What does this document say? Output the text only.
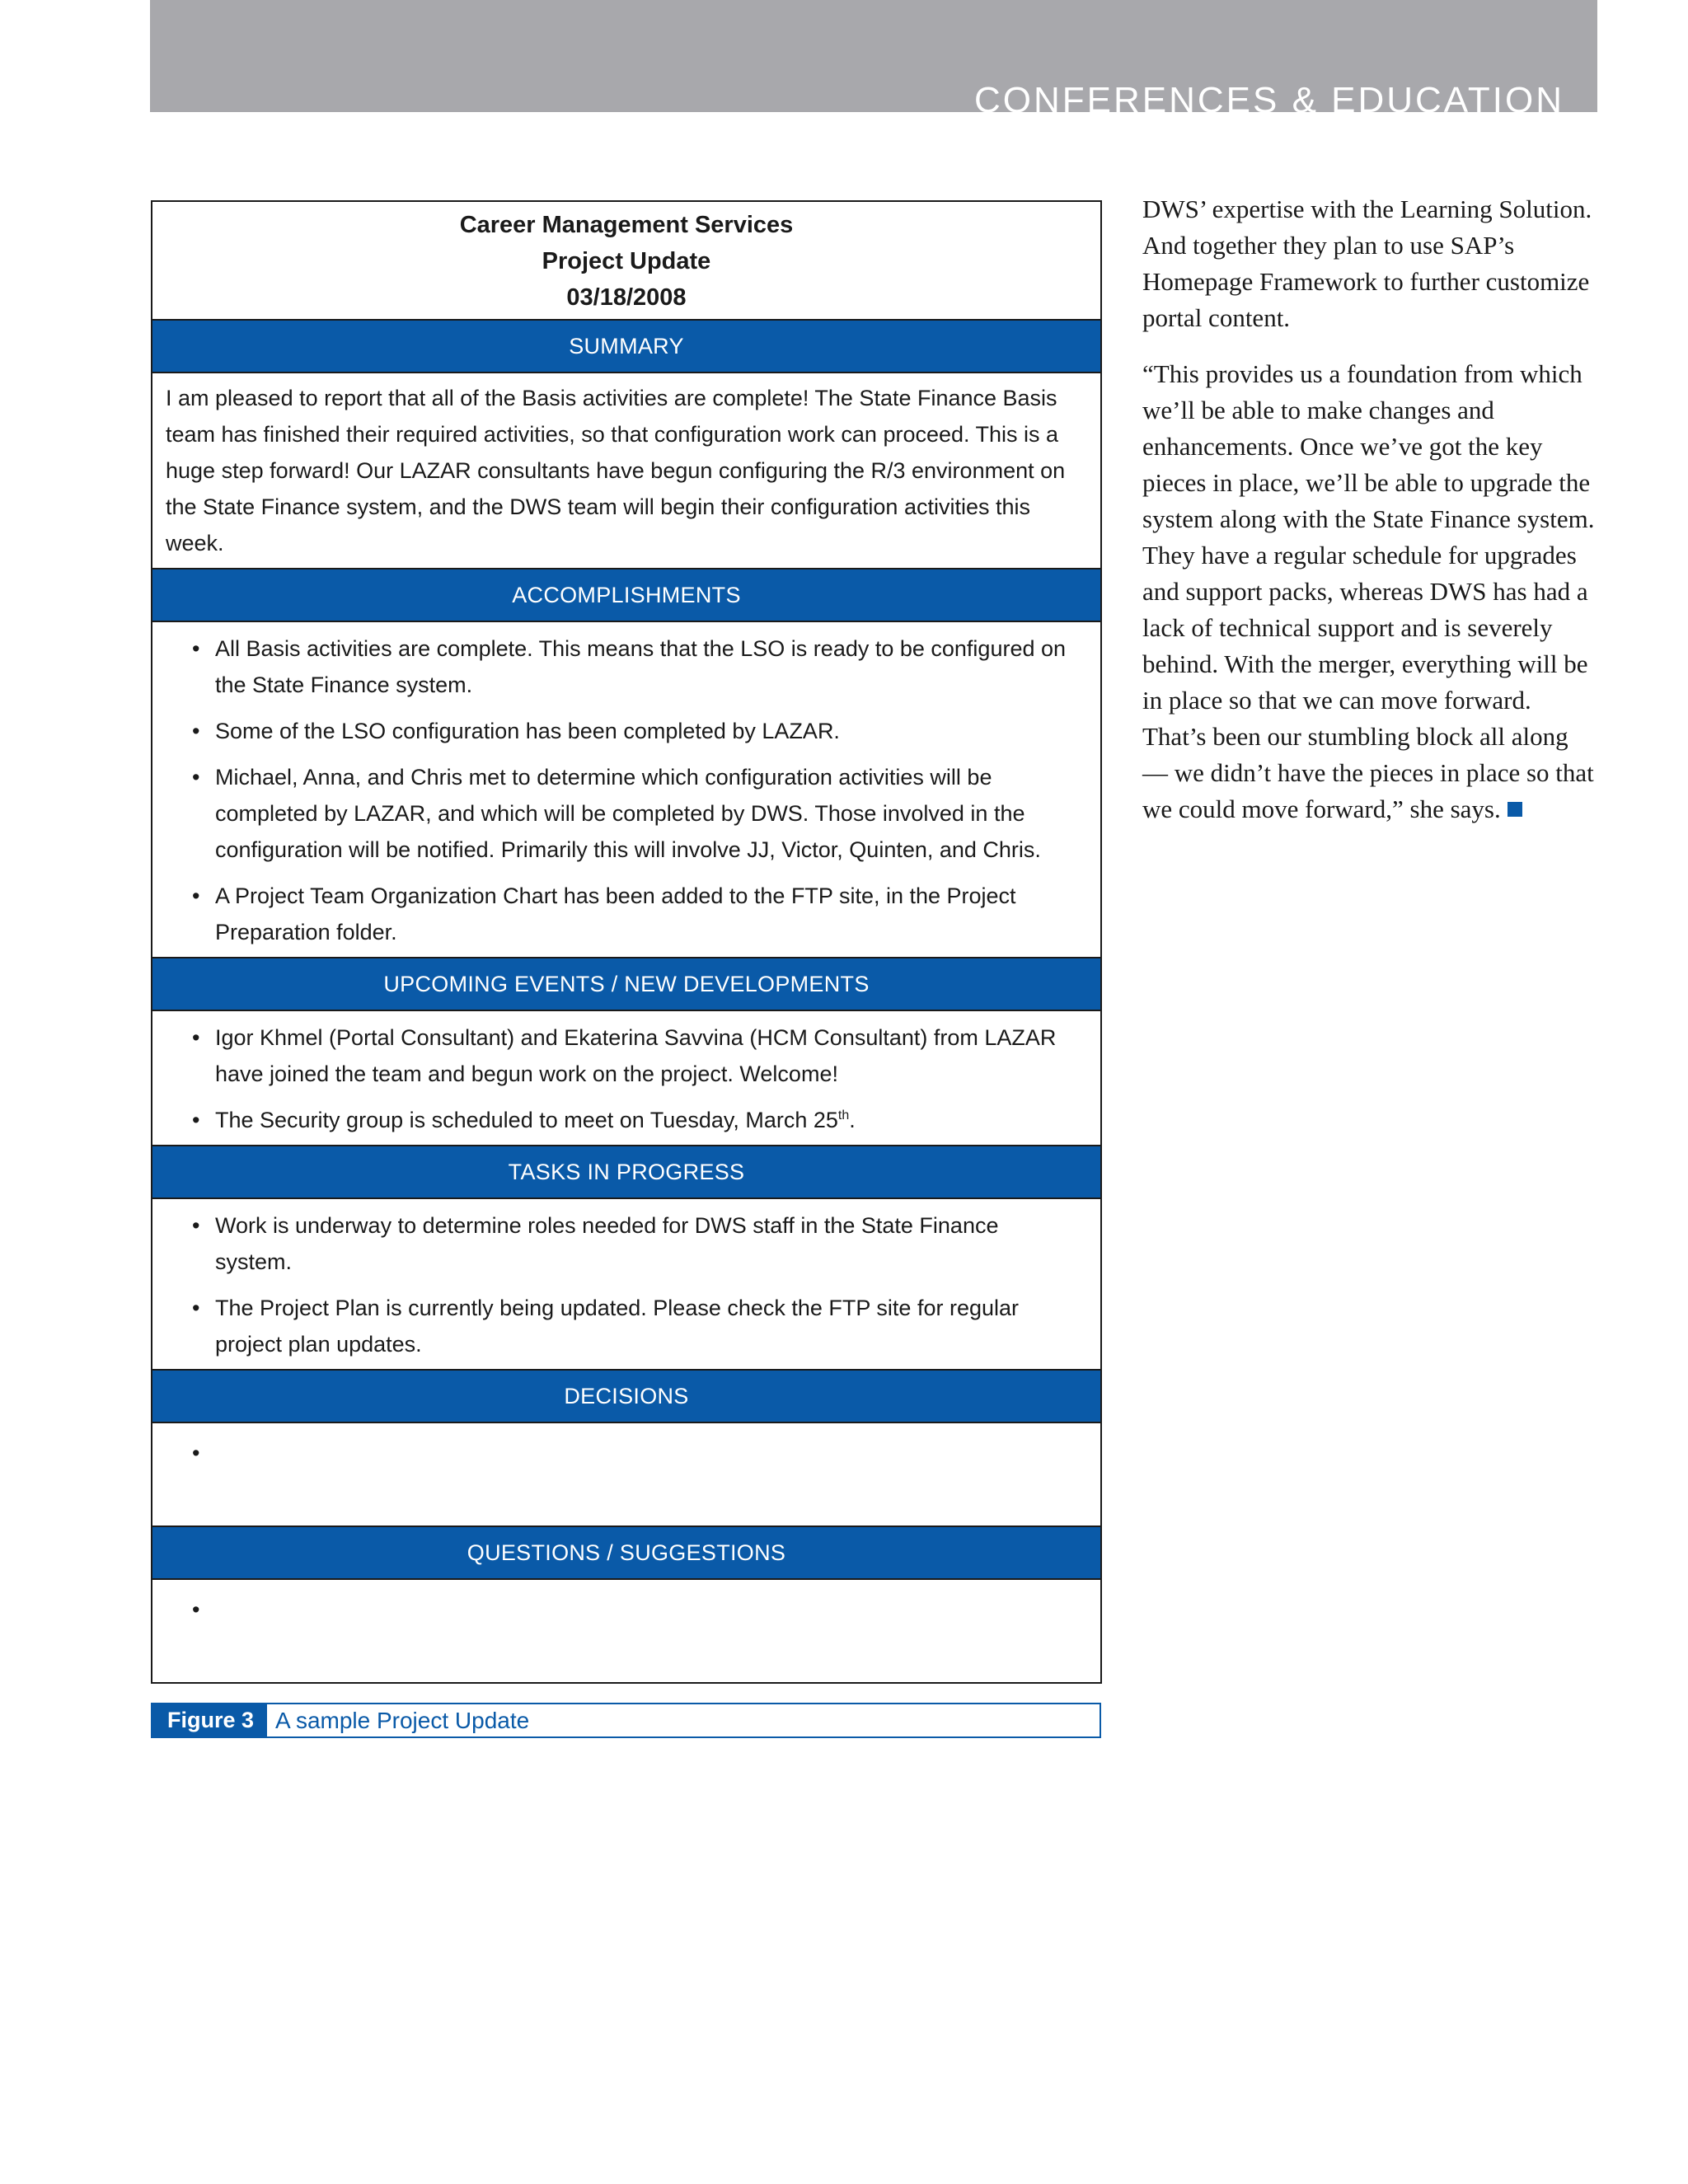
CONFERENCES & EDUCATION
Career Management Services
Project Update
03/18/2008
SUMMARY
I am pleased to report that all of the Basis activities are complete! The State Finance Basis team has finished their required activities, so that configuration work can proceed. This is a huge step forward! Our LAZAR consultants have begun configuring the R/3 environment on the State Finance system, and the DWS team will begin their configuration activities this week.
ACCOMPLISHMENTS
• All Basis activities are complete. This means that the LSO is ready to be configured on the State Finance system.
• Some of the LSO configuration has been completed by LAZAR.
• Michael, Anna, and Chris met to determine which configuration activities will be completed by LAZAR, and which will be completed by DWS. Those involved in the configuration will be notified. Primarily this will involve JJ, Victor, Quinten, and Chris.
• A Project Team Organization Chart has been added to the FTP site, in the Project Preparation folder.
UPCOMING EVENTS / NEW DEVELOPMENTS
• Igor Khmel (Portal Consultant) and Ekaterina Savvina (HCM Consultant) from LAZAR have joined the team and begun work on the project. Welcome!
• The Security group is scheduled to meet on Tuesday, March 25th.
TASKS IN PROGRESS
• Work is underway to determine roles needed for DWS staff in the State Finance system.
• The Project Plan is currently being updated. Please check the FTP site for regular project plan updates.
DECISIONS
•
QUESTIONS / SUGGESTIONS
•
Figure 3 A sample Project Update

DWS’ expertise with the Learning Solution. And together they plan to use SAP’s Homepage Framework to further customize portal content.

“This provides us a foundation from which we’ll be able to make changes and enhancements. Once we’ve got the key pieces in place, we’ll be able to upgrade the system along with the State Finance system. They have a regular schedule for upgrades and support packs, whereas DWS has had a lack of technical support and is severely behind. With the merger, everything will be in place so that we can move forward. That’s been our stumbling block all along — we didn’t have the pieces in place so that we could move forward,” she says.
